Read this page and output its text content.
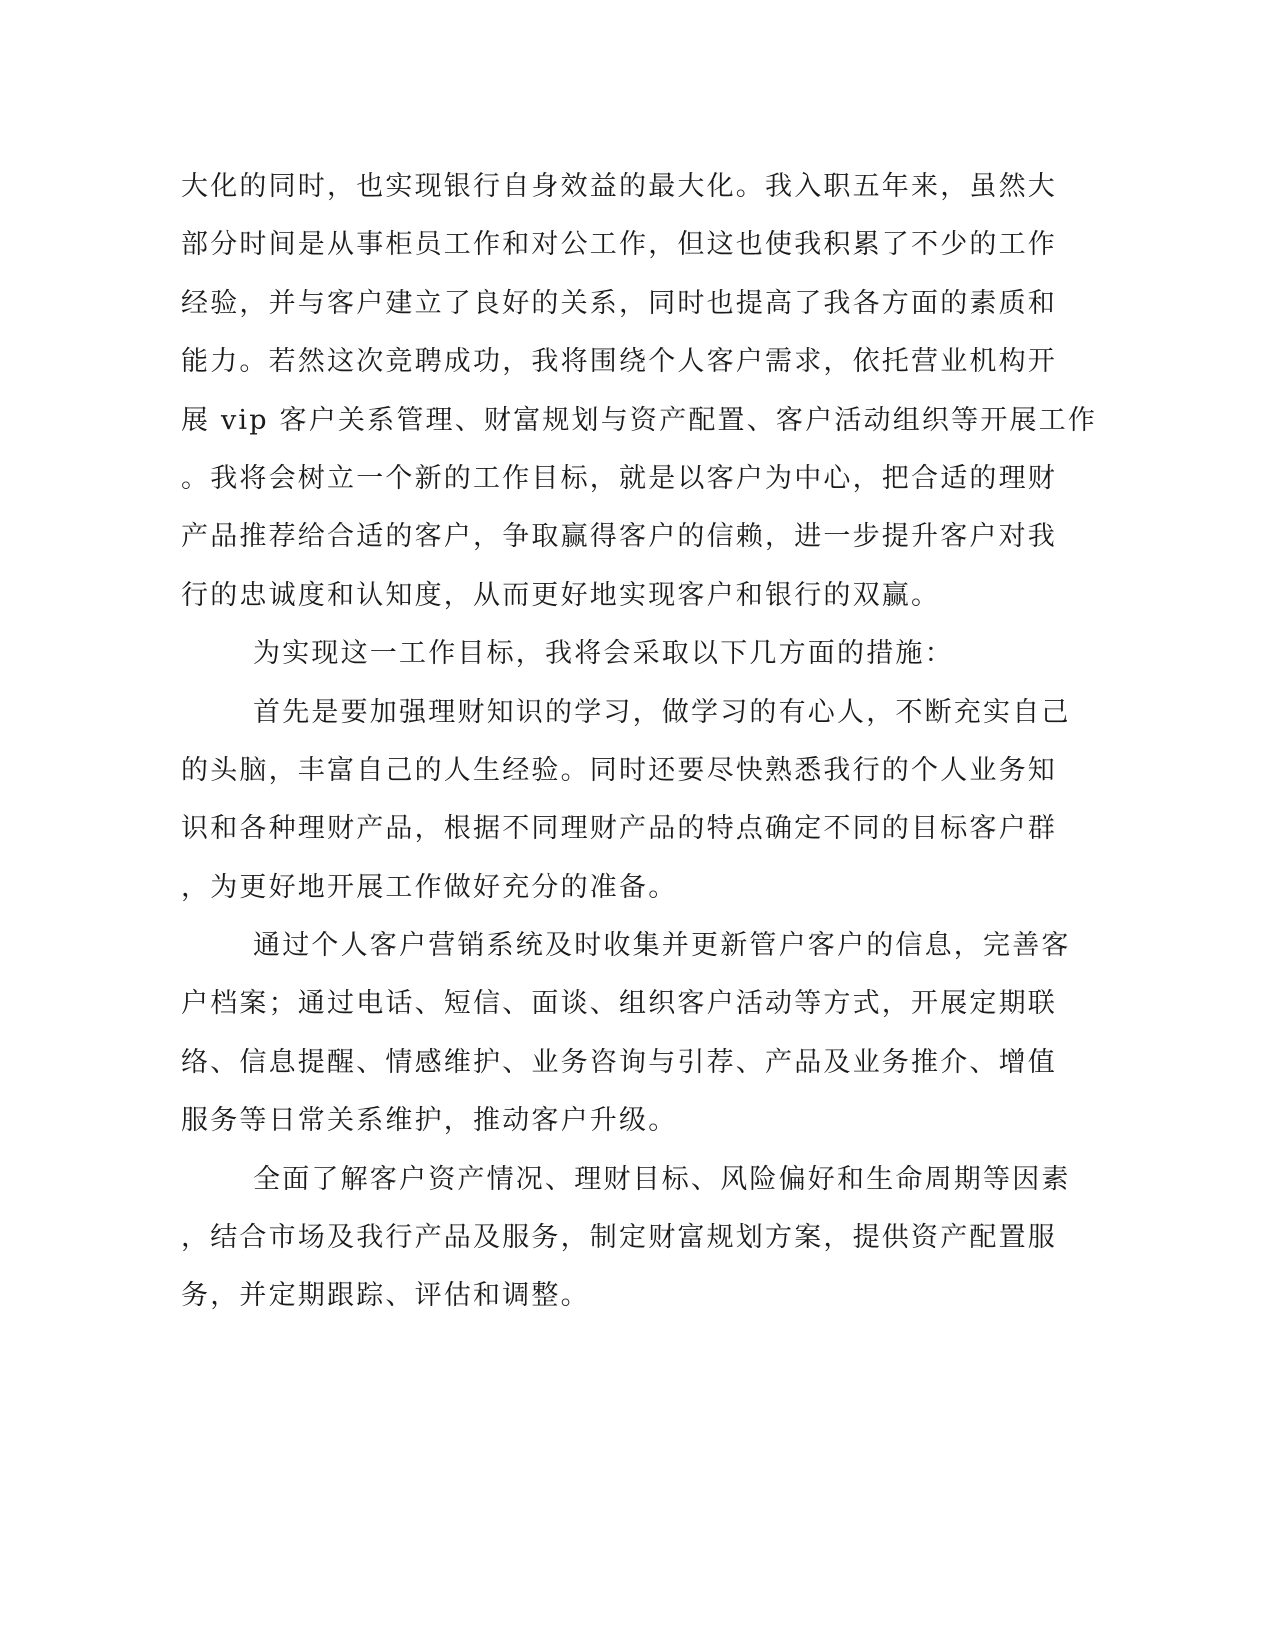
大化的同时，也实现银行自身效益的最大化。我入职五年来，虽然大
部分时间是从事柜员工作和对公工作，但这也使我积累了不少的工作
经验，并与客户建立了良好的关系，同时也提高了我各方面的素质和
能力。若然这次竞聘成功，我将围绕个人客户需求，依托营业机构开
展 vip 客户关系管理、财富规划与资产配置、客户活动组织等开展工作
。我将会树立一个新的工作目标，就是以客户为中心，把合适的理财
产品推荐给合适的客户，争取赢得客户的信赖，进一步提升客户对我
行的忠诚度和认知度，从而更好地实现客户和银行的双赢。
为实现这一工作目标，我将会采取以下几方面的措施：
首先是要加强理财知识的学习，做学习的有心人，不断充实自己
的头脑，丰富自己的人生经验。同时还要尽快熟悉我行的个人业务知
识和各种理财产品，根据不同理财产品的特点确定不同的目标客户群
，为更好地开展工作做好充分的准备。
通过个人客户营销系统及时收集并更新管户客户的信息，完善客
户档案；通过电话、短信、面谈、组织客户活动等方式，开展定期联
络、信息提醒、情感维护、业务咨询与引荐、产品及业务推介、增值
服务等日常关系维护，推动客户升级。
全面了解客户资产情况、理财目标、风险偏好和生命周期等因素
，结合市场及我行产品及服务，制定财富规划方案，提供资产配置服
务，并定期跟踪、评估和调整。
